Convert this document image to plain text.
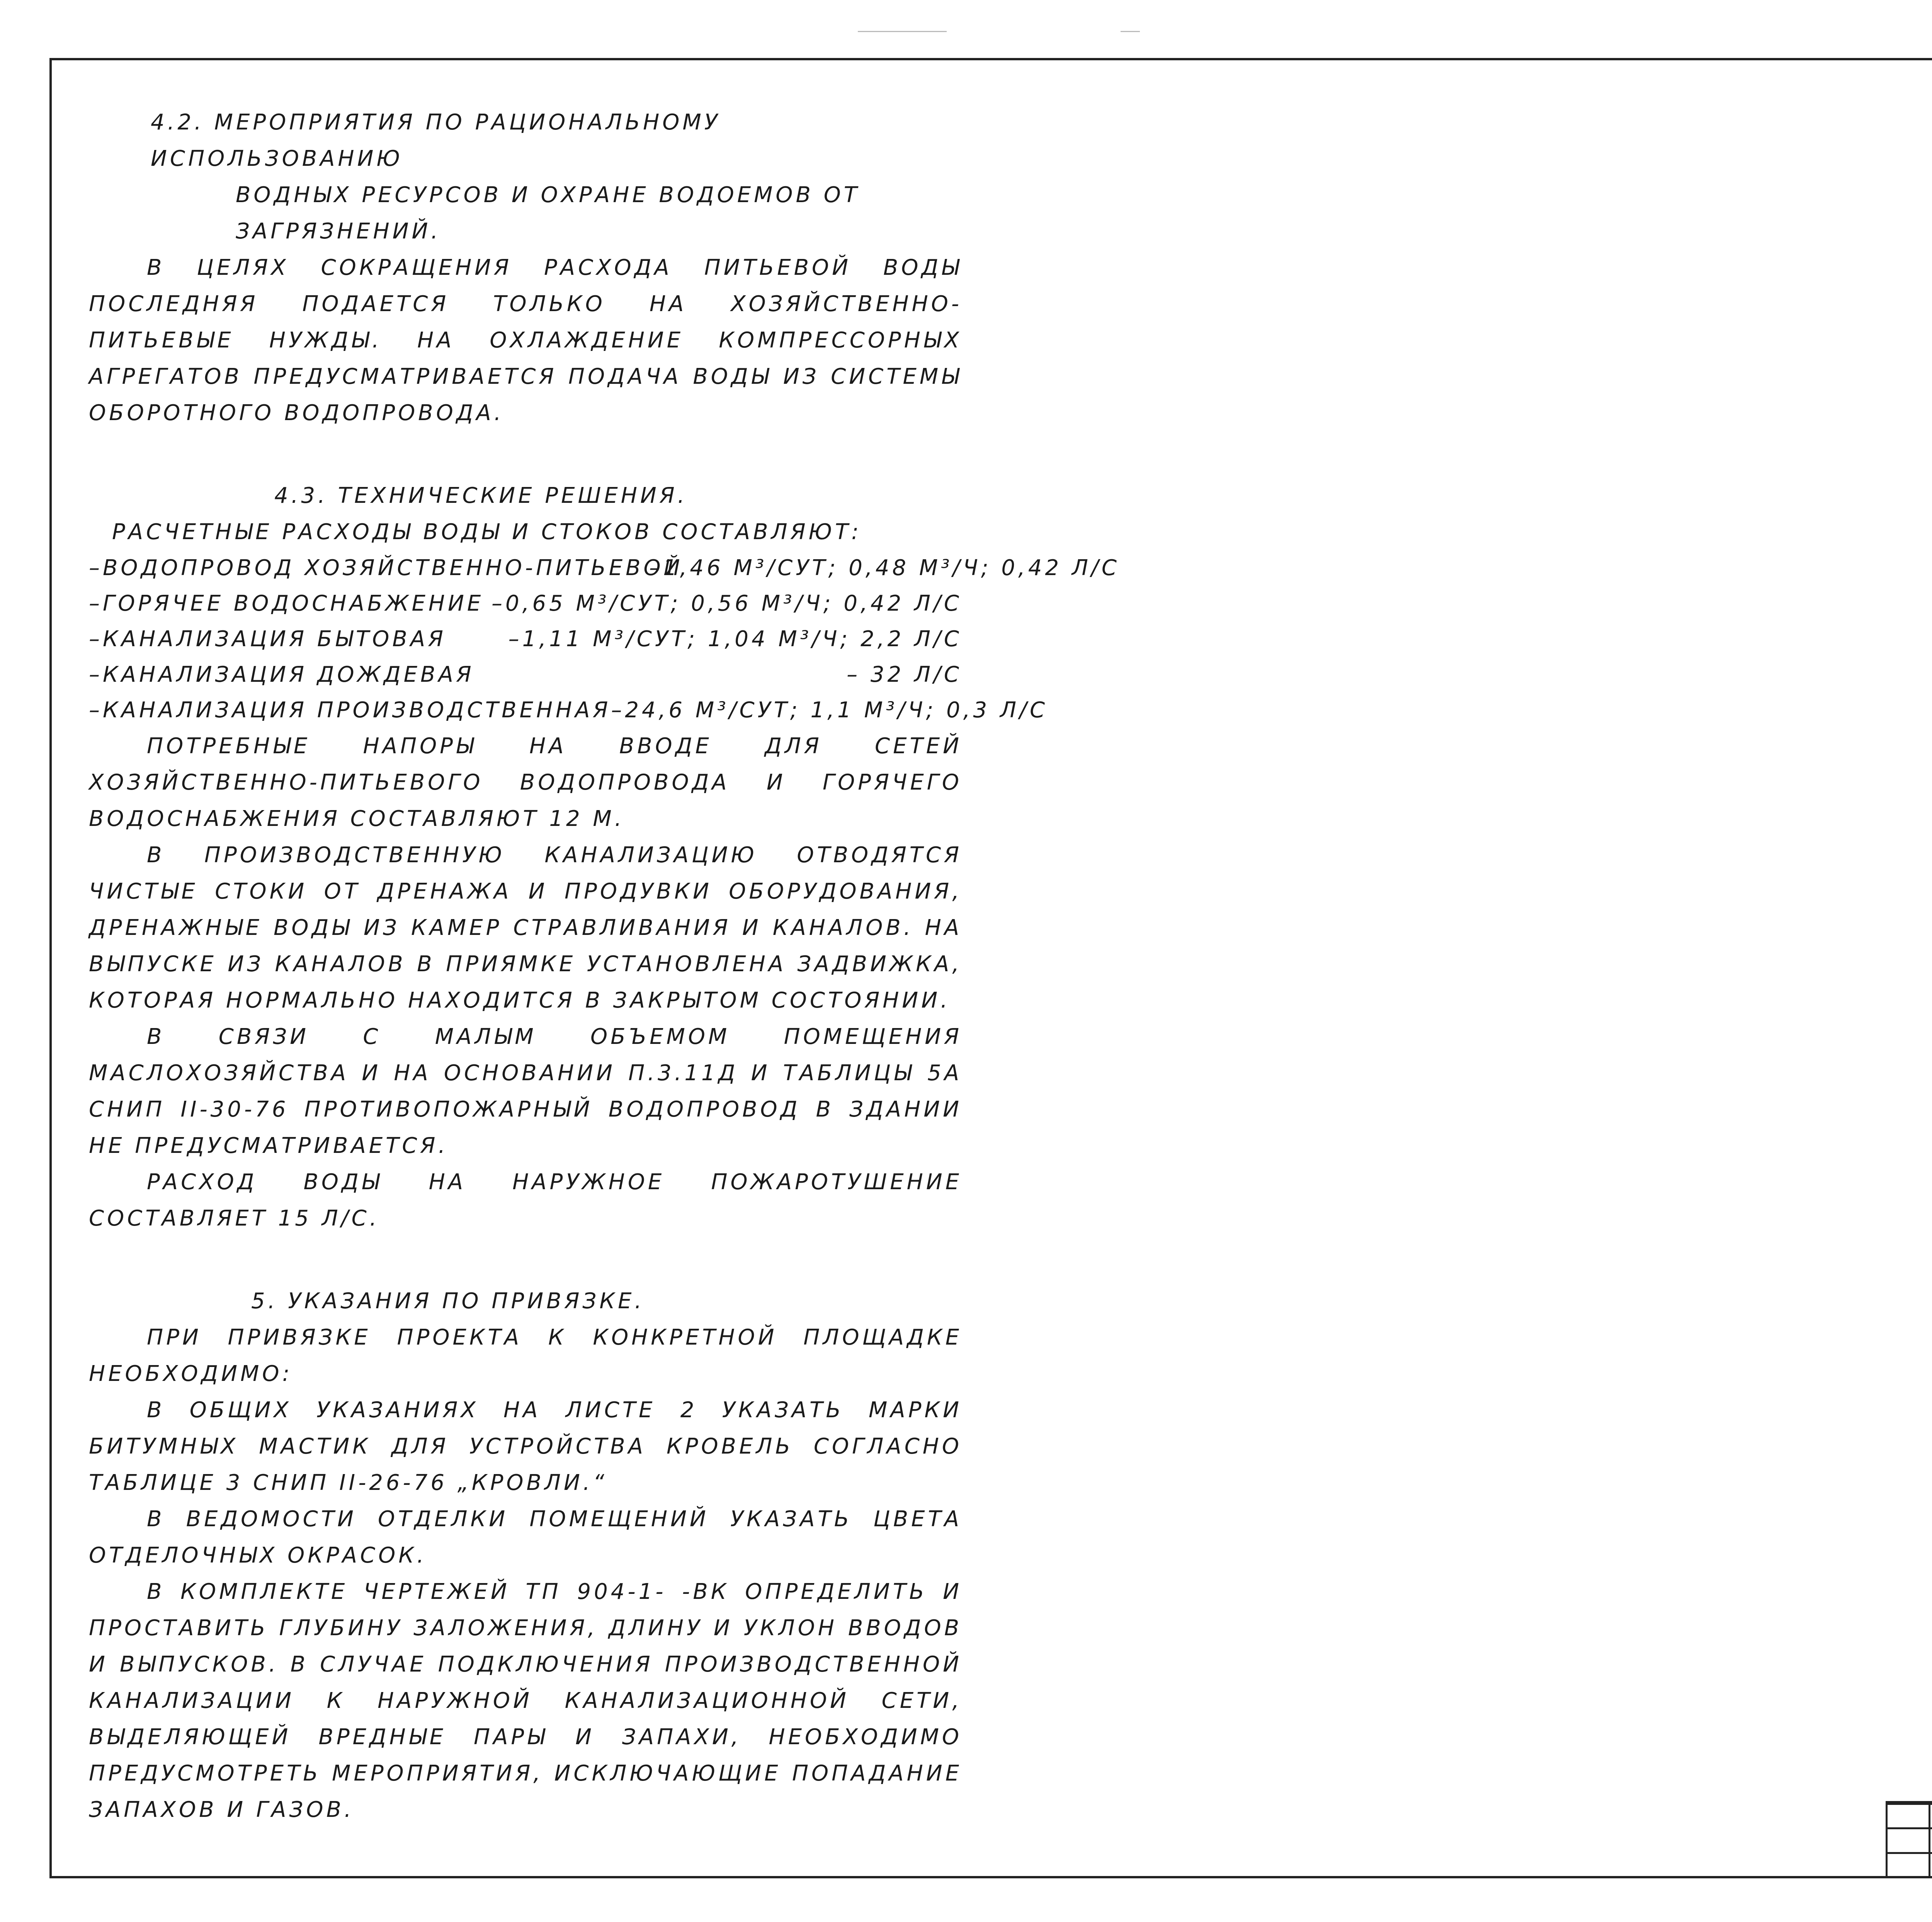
4.2. МЕРОПРИЯТИЯ ПО РАЦИОНАЛЬНОМУ ИСПОЛЬЗОВАНИЮ

ВОДНЫХ РЕСУРСОВ И ОХРАНЕ ВОДОЕМОВ ОТ ЗАГРЯЗНЕНИЙ.

В ЦЕЛЯХ СОКРАЩЕНИЯ РАСХОДА ПИТЬЕВОЙ ВОДЫ ПОСЛЕДНЯЯ ПОДАЕТСЯ ТОЛЬКО НА ХОЗЯЙСТВЕННО-ПИТЬЕВЫЕ НУЖДЫ. НА ОХЛАЖДЕНИЕ КОМПРЕССОРНЫХ АГРЕГАТОВ ПРЕДУСМАТРИВАЕТСЯ ПОДАЧА ВОДЫ ИЗ СИСТЕМЫ ОБОРОТНОГО ВОДОПРОВОДА.

4.3. ТЕХНИЧЕСКИЕ РЕШЕНИЯ.

РАСЧЕТНЫЕ РАСХОДЫ ВОДЫ И СТОКОВ СОСТАВЛЯЮТ:

–ВОДОПРОВОД ХОЗЯЙСТВЕННО-ПИТЬЕВОЙ
–1,46 М³/СУТ; 0,48 М³/Ч; 0,42 Л/С
–ГОРЯЧЕЕ ВОДОСНАБЖЕНИЕ –0,65 М³/СУТ; 0,56 М³/Ч; 0,42 Л/С
–КАНАЛИЗАЦИЯ БЫТОВАЯ	–1,11 М³/СУТ; 1,04 М³/Ч; 2,2 Л/С
–КАНАЛИЗАЦИЯ ДОЖДЕВАЯ	– 32 Л/С
–КАНАЛИЗАЦИЯ ПРОИЗВОДСТВЕННАЯ –24,6 М³/СУТ; 1,1 М³/Ч; 0,3 Л/С

ПОТРЕБНЫЕ НАПОРЫ НА ВВОДЕ ДЛЯ СЕТЕЙ ХОЗЯЙСТВЕННО-ПИТЬЕВОГО ВОДОПРОВОДА И ГОРЯЧЕГО ВОДОСНАБЖЕНИЯ СОСТАВЛЯЮТ 12 М.

В ПРОИЗВОДСТВЕННУЮ КАНАЛИЗАЦИЮ ОТВОДЯТСЯ ЧИСТЫЕ СТОКИ ОТ ДРЕНАЖА И ПРОДУВКИ ОБОРУДОВАНИЯ, ДРЕНАЖНЫЕ ВОДЫ ИЗ КАМЕР СТРАВЛИВАНИЯ И КАНАЛОВ. НА ВЫПУСКЕ ИЗ КАНАЛОВ В ПРИЯМКЕ УСТАНОВЛЕНА ЗАДВИЖКА, КОТОРАЯ НОРМАЛЬНО НАХОДИТСЯ В ЗАКРЫТОМ СОСТОЯНИИ.

В СВЯЗИ С МАЛЫМ ОБЪЕМОМ ПОМЕЩЕНИЯ МАСЛОХОЗЯЙСТВА И НА ОСНОВАНИИ П.3.11Д И ТАБЛИЦЫ 5А СНИП II-30-76 ПРОТИВОПОЖАРНЫЙ ВОДОПРОВОД В ЗДАНИИ НЕ ПРЕДУСМАТРИВАЕТСЯ.

РАСХОД ВОДЫ НА НАРУЖНОЕ ПОЖАРОТУШЕНИЕ СОСТАВЛЯЕТ 15 Л/С.

5. УКАЗАНИЯ ПО ПРИВЯЗКЕ.

ПРИ ПРИВЯЗКЕ ПРОЕКТА К КОНКРЕТНОЙ ПЛОЩАДКЕ НЕОБХОДИМО:

В ОБЩИХ УКАЗАНИЯХ НА ЛИСТЕ 2 УКАЗАТЬ МАРКИ БИТУМНЫХ МАСТИК ДЛЯ УСТРОЙСТВА КРОВЕЛЬ СОГЛАСНО ТАБЛИЦЕ 3 СНИП II-26-76 „КРОВЛИ.“

В ВЕДОМОСТИ ОТДЕЛКИ ПОМЕЩЕНИЙ УКАЗАТЬ ЦВЕТА ОТДЕЛОЧНЫХ ОКРАСОК.

В КОМПЛЕКТЕ ЧЕРТЕЖЕЙ ТП 904-1- -ВК ОПРЕДЕЛИТЬ И ПРОСТАВИТЬ ГЛУБИНУ ЗАЛОЖЕНИЯ, ДЛИНУ И УКЛОН ВВОДОВ И ВЫПУСКОВ. В СЛУЧАЕ ПОДКЛЮЧЕНИЯ ПРОИЗВОДСТВЕННОЙ КАНАЛИЗАЦИИ К НАРУЖНОЙ КАНАЛИЗАЦИОННОЙ СЕТИ, ВЫДЕЛЯЮЩЕЙ ВРЕДНЫЕ ПАРЫ И ЗАПАХИ, НЕОБХОДИМО ПРЕДУСМОТРЕТЬ МЕРОПРИЯТИЯ, ИСКЛЮЧАЮЩИЕ ПОПАДАНИЕ ЗАПАХОВ И ГАЗОВ.
